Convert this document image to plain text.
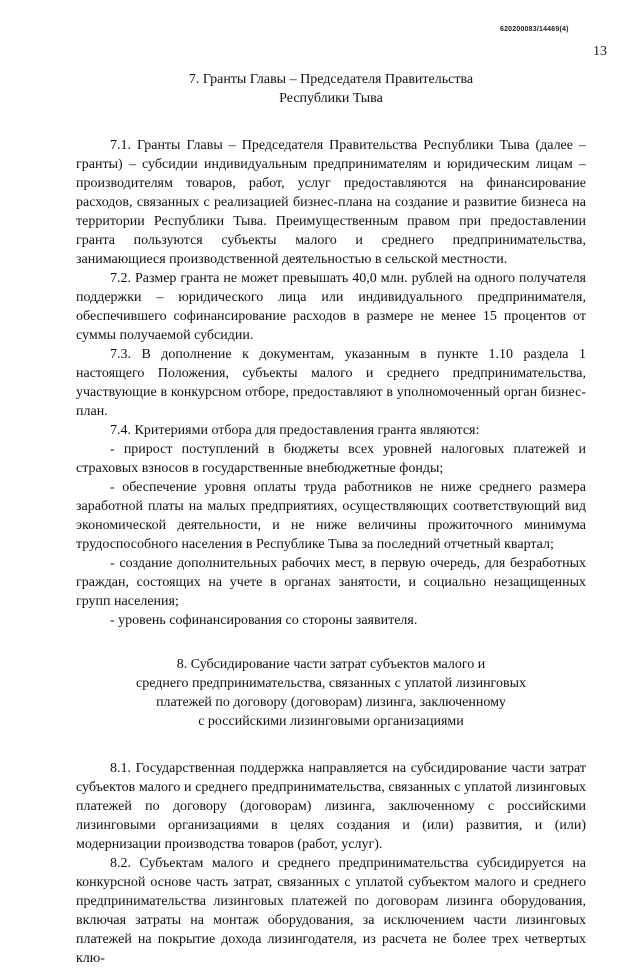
620200083/14469(4)
13
7. Гранты Главы – Председателя Правительства
Республики Тыва

7.1. Гранты Главы – Председателя Правительства Республики Тыва (далее – гранты) – субсидии индивидуальным предпринимателям и юридическим лицам – производителям товаров, работ, услуг предоставляются на финансирование расходов, связанных с реализацией бизнес-плана на создание и развитие бизнеса на территории Республики Тыва. Преимущественным правом при предоставлении гранта пользуются субъекты малого и среднего предпринимательства, занимающиеся производственной деятельностью в сельской местности.

7.2. Размер гранта не может превышать 40,0 млн. рублей на одного получателя поддержки – юридического лица или индивидуального предпринимателя, обеспечившего софинансирование расходов в размере не менее 15 процентов от суммы получаемой субсидии.

7.3. В дополнение к документам, указанным в пункте 1.10 раздела 1 настоящего Положения, субъекты малого и среднего предпринимательства, участвующие в конкурсном отборе, предоставляют в уполномоченный орган бизнес-план.

7.4. Критериями отбора для предоставления гранта являются:

- прирост поступлений в бюджеты всех уровней налоговых платежей и страховых взносов в государственные внебюджетные фонды;

- обеспечение уровня оплаты труда работников не ниже среднего размера заработной платы на малых предприятиях, осуществляющих соответствующий вид экономической деятельности, и не ниже величины прожиточного минимума трудоспособного населения в Республике Тыва за последний отчетный квартал;

- создание дополнительных рабочих мест, в первую очередь, для безработных граждан, состоящих на учете в органах занятости, и социально незащищенных групп населения;

- уровень софинансирования со стороны заявителя.

8. Субсидирование части затрат субъектов малого и
среднего предпринимательства, связанных с уплатой лизинговых
платежей по договору (договорам) лизинга, заключенному
с российскими лизинговыми организациями

8.1. Государственная поддержка направляется на субсидирование части затрат субъектов малого и среднего предпринимательства, связанных с уплатой лизинговых платежей по договору (договорам) лизинга, заключенному с российскими лизинговыми организациями в целях создания и (или) развития, и (или) модернизации производства товаров (работ, услуг).

8.2. Субъектам малого и среднего предпринимательства субсидируется на конкурсной основе часть затрат, связанных с уплатой субъектом малого и среднего предпринимательства лизинговых платежей по договорам лизинга оборудования, включая затраты на монтаж оборудования, за исключением части лизинговых платежей на покрытие дохода лизингодателя, из расчета не более трех четвертых клю-
